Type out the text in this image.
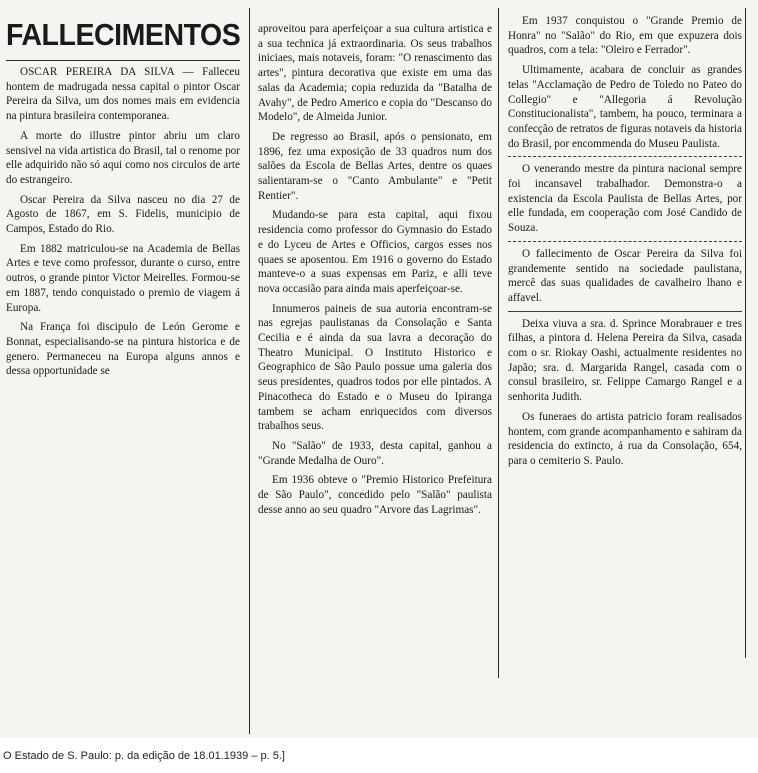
FALLECIMENTOS

OSCAR PEREIRA DA SILVA — Falleceu hontem de madrugada nessa capital o pintor Oscar Pereira da Silva, um dos nomes mais em evidencia na pintura brasileira contemporanea.

A morte do illustre pintor abriu um claro sensivel na vida artistica do Brasil, tal o renome por elle adquirido não só aqui como nos circulos de arte do estrangeiro.

Oscar Pereira da Silva nasceu no dia 27 de Agosto de 1867, em S. Fidelis, municipio de Campos, Estado do Rio.

Em 1882 matriculou-se na Academia de Bellas Artes e teve como professor, durante o curso, entre outros, o grande pintor Victor Meirelles. Formou-se em 1887, tendo conquistado o premio de viagem á Europa.

Na França foi discipulo de León Gerome e Bonnat, especialisando-se na pintura historica e de genero. Permaneceu na Europa alguns annos e dessa opportunidade se

aproveitou para aperfeiçoar a sua cultura artistica e a sua technica já extraordinaria. Os seus trabalhos iniciaes, mais notaveis, foram: "O renascimento das artes", pintura decorativa que existe em uma das salas da Academia; copia reduzida da "Batalha de Avahy", de Pedro Americo e copia do "Descanso do Modelo", de Almeida Junior.

De regresso ao Brasil, após o pensionato, em 1896, fez uma exposição de 33 quadros num dos salões da Escola de Bellas Artes, dentre os quaes salientaram-se o "Canto Ambulante" e "Petit Rentier".

Mudando-se para esta capital, aqui fixou residencia como professor do Gymnasio do Estado e do Lyceu de Artes e Officios, cargos esses nos quaes se aposentou. Em 1916 o governo do Estado manteve-o a suas expensas em Pariz, e alli teve nova occasião para ainda mais aperfeiçoar-se.

Innumeros paineis de sua autoria encontram-se nas egrejas paulistanas da Consolação e Santa Cecilia e é ainda da sua lavra a decoração do Theatro Municipal. O Instituto Historico e Geographico de São Paulo possue uma galeria dos seus presidentes, quadros todos por elle pintados. A Pinacotheca do Estado e o Museu do Ipiranga tambem se acham enriquecidos com diversos trabalhos seus.

No "Salão" de 1933, desta capital, ganhou a "Grande Medalha de Ouro".

Em 1936 obteve o "Premio Historico Prefeitura de São Paulo", concedido pelo "Salão" paulista desse anno ao seu quadro "Arvore das Lagrimas".

Em 1937 conquistou o "Grande Premio de Honra" no "Salão" do Rio, em que expuzera dois quadros, com a tela: "Oleiro e Ferrador".

Ultimamente, acabara de concluir as grandes telas "Acclamação de Pedro de Toledo no Pateo do Collegio" e "Allegoria á Revolução Constitucionalista", tambem, ha pouco, terminara a confecção de retratos de figuras notaveis da historia do Brasil, por encommenda do Museu Paulista.

O venerando mestre da pintura nacional sempre foi incansavel trabalhador. Demonstra-o a existencia da Escola Paulista de Bellas Artes, por elle fundada, em cooperação com José Candido de Souza.

O fallecimento de Oscar Pereira da Silva foi grandemente sentido na sociedade paulistana, mercê das suas qualidades de cavalheiro lhano e affavel.

Deixa viuva a sra. d. Sprince Morabrauer e tres filhas, a pintora d. Helena Pereira da Silva, casada com o sr. Riokay Oashi, actualmente residentes no Japão; sra. d. Margarida Rangel, casada com o consul brasileiro, sr. Felippe Camargo Rangel e a senhorita Judith.

Os funeraes do artista patricio foram realisados hontem, com grande acompanhamento e sahiram da residencia do extincto, á rua da Consolação, 654, para o cemiterio S. Paulo.

O Estado de S. Paulo: p. da edição de 18.01.1939 – p. 5.]
